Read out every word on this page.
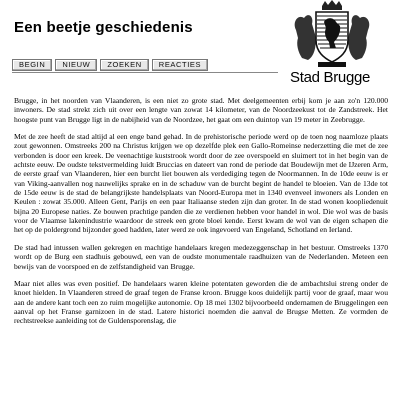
Een beetje geschiedenis
Stad Brugge
BEGIN	NIEUW	ZOEKEN	REACTIES

Brugge, in het noorden van Vlaanderen, is een niet zo grote stad. Met deelgemeenten erbij kom je aan zo'n 120.000 inwoners. De stad strekt zich uit over een lengte van zowat 14 kilometer, van de Noordzeekust tot de Zandstreek. Het hoogste punt van Brugge ligt in de nabijheid van de Noordzee, het gaat om een duintop van 19 meter in Zeebrugge.

Met de zee heeft de stad altijd al een enge band gehad. In de prehistorische periode werd op de toen nog naamloze plaats zout gewonnen. Omstreeks 200 na Christus krijgen we op dezelfde plek een Gallo-Romeinse nederzetting die met de zee verbonden is door een kreek. De veenachtige kuststrook wordt door de zee overspoeld en sluimert tot in het begin van de achtste eeuw. De oudste tekstvermelding luidt Bruccias en dateert van rond de periode dat Boudewijn met de IJzeren Arm, de eerste graaf van Vlaanderen, hier een burcht liet bouwen als verdediging tegen de Noormannen. In de 10de eeuw is er van Viking-aanvallen nog nauwelijks sprake en in de schaduw van de burcht begint de handel te bloeien. Van de 13de tot de 15de eeuw is de stad de belangrijkste handelsplaats van Noord-Europa met in 1340 evenveel inwoners als Londen en Keulen : zowat 35.000. Alleen Gent, Parijs en een paar Italiaanse steden zijn dan groter. In de stad wonen koopliedenuit bijna 20 Europese naties. Ze bouwen prachtige panden die ze verdienen hebben voor handel in wol. Die wol was de basis voor de Vlaamse lakenindustrie waardoor de streek een grote bloei kende. Eerst kwam de wol van de eigen schapen die het op de poldergrond bijzonder goed hadden, later werd ze ook ingevoerd van Engeland, Schotland en Ierland.

De stad had intussen wallen gekregen en machtige handelaars kregen medezeggenschap in het bestuur. Omstreeks 1370 wordt op de Burg een stadhuis gebouwd, een van de oudste monumentale raadhuizen van de Nederlanden. Meteen een bewijs van de voorspoed en de zelfstandigheid van Brugge.

Maar niet alles was even positief. De handelaars waren kleine potentaten geworden die de ambachtslui streng onder de knoet hielden. In Vlaanderen streed de graaf tegen de Franse kroon. Brugge koos duidelijk partij voor de graaf, maar wou aan de andere kant toch een zo ruim mogelijke autonomie. Op 18 mei 1302 bijvoorbeeld ondernamen de Bruggelingen een aanval op het Franse garnizoen in de stad. Latere historici noemden die aanval de Brugse Metten. Ze vormden de rechtstreekse aanleiding tot de Guldensporenslag, die
